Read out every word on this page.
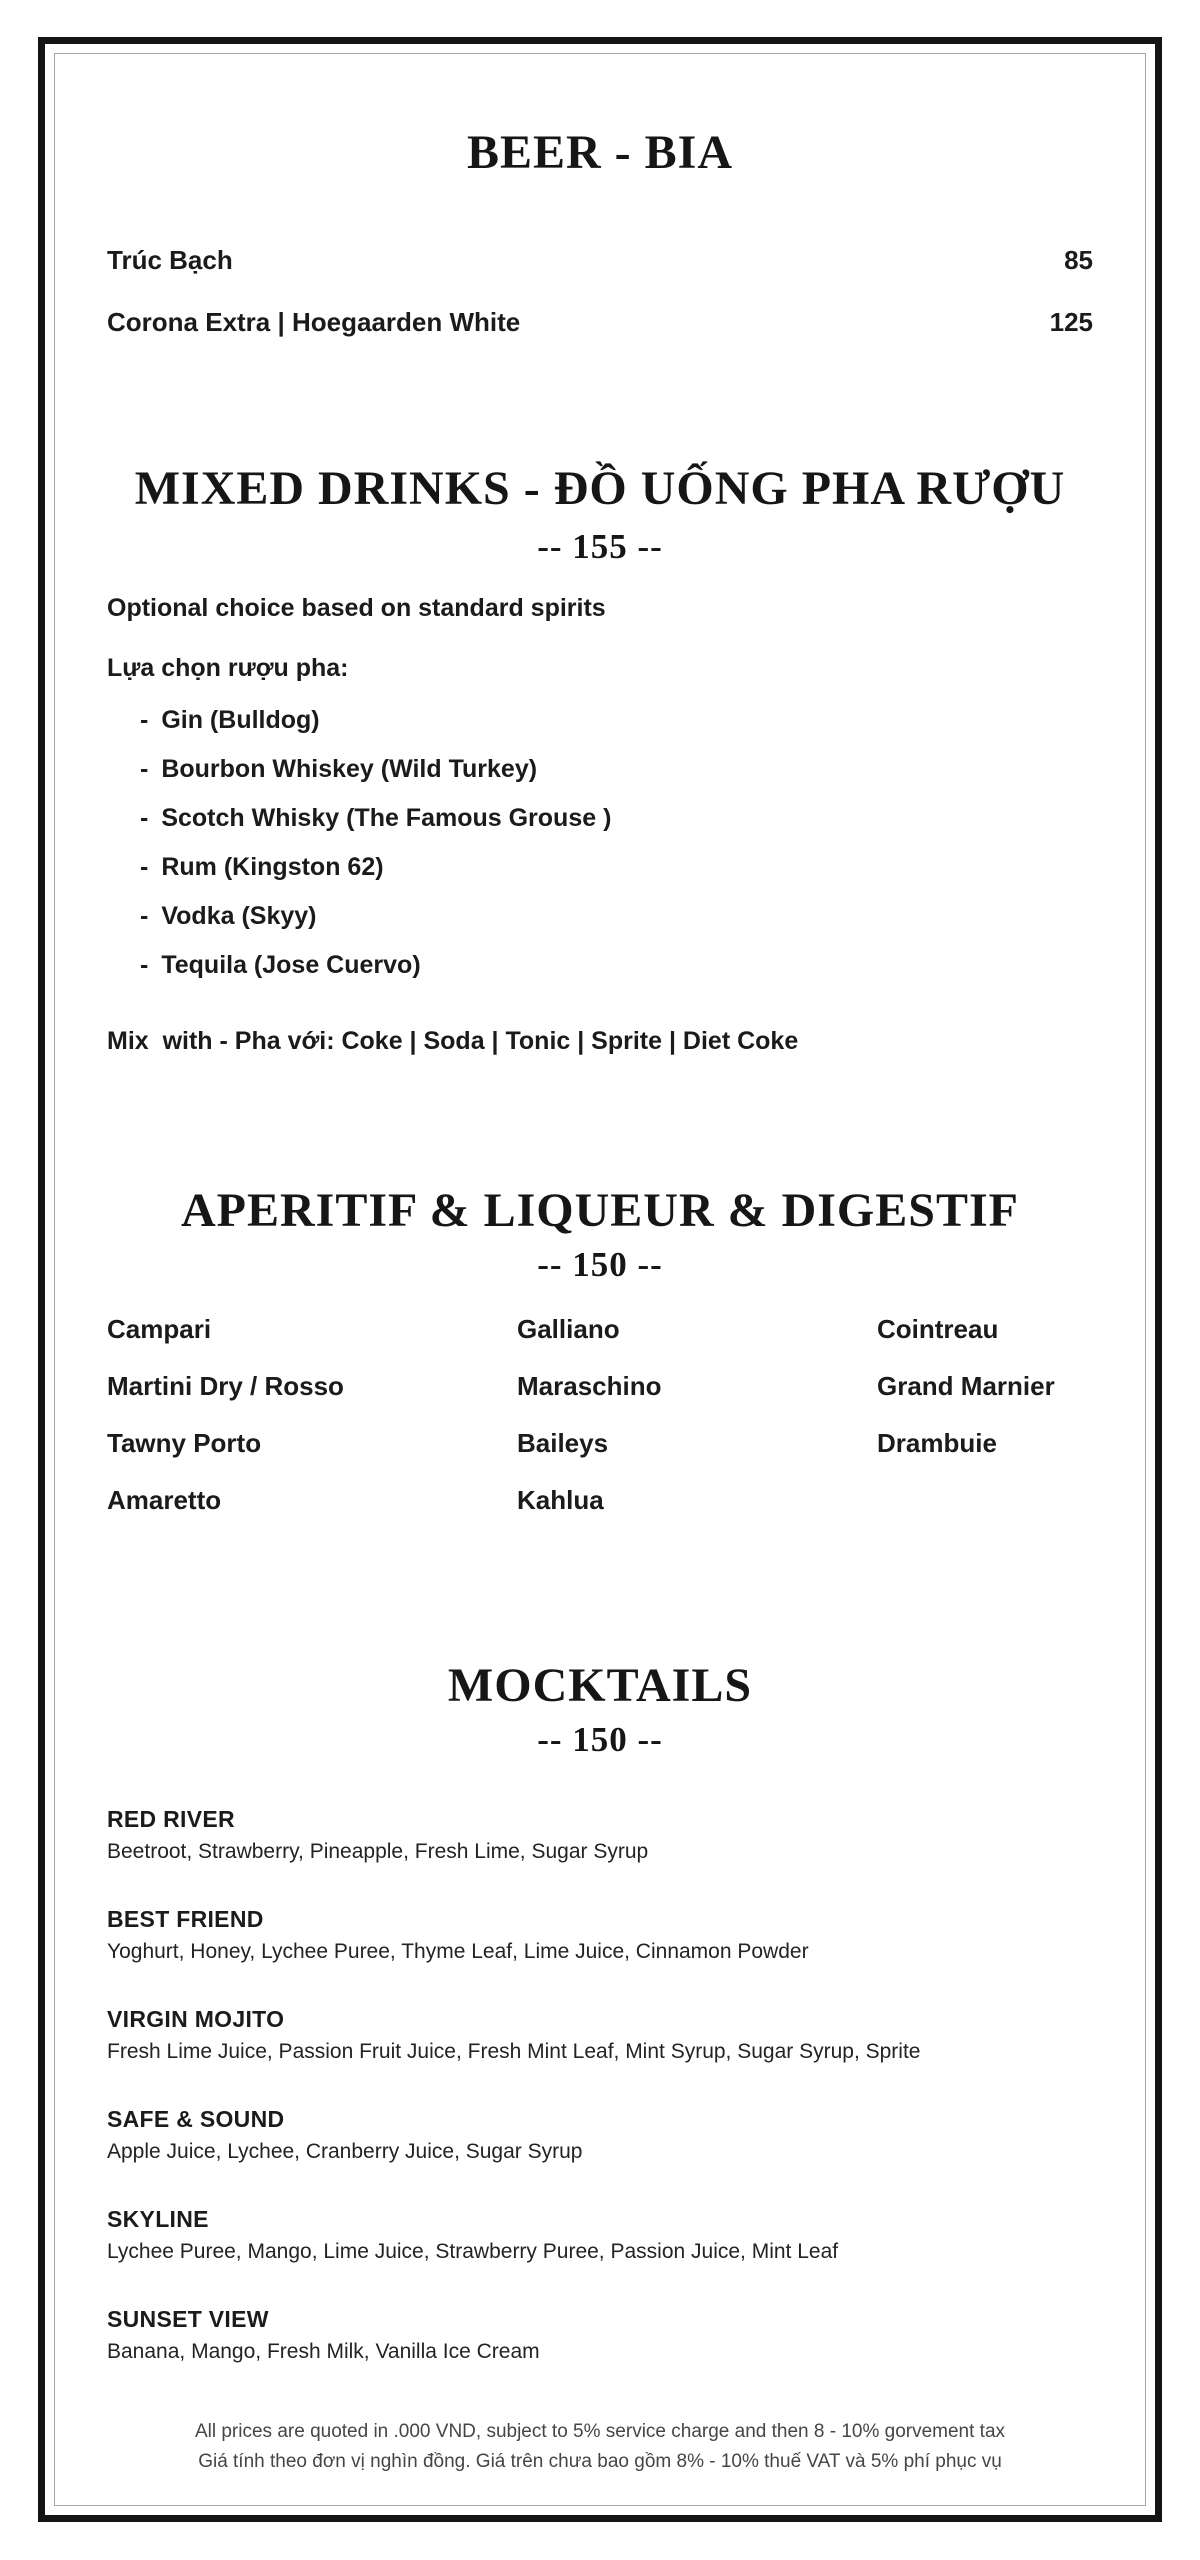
BEER - BIA
Trúc Bạch	85
Corona Extra | Hoegaarden White	125
MIXED DRINKS - ĐỒ UỐNG PHA RƯỢU
-- 155 --
Optional choice based on standard spirits
Lựa chọn rượu pha:
- Gin (Bulldog)
- Bourbon Whiskey (Wild Turkey)
- Scotch Whisky (The Famous Grouse )
- Rum (Kingston 62)
- Vodka (Skyy)
- Tequila (Jose Cuervo)
Mix  with - Pha với: Coke | Soda | Tonic | Sprite | Diet Coke
APERITIF & LIQUEUR & DIGESTIF
-- 150 --
Campari
Martini Dry / Rosso
Tawny Porto
Amaretto
Galliano
Maraschino
Baileys
Kahlua
Cointreau
Grand Marnier
Drambuie
MOCKTAILS
-- 150 --
RED RIVER
Beetroot, Strawberry, Pineapple, Fresh Lime, Sugar Syrup
BEST FRIEND
Yoghurt, Honey, Lychee Puree, Thyme Leaf, Lime Juice, Cinnamon Powder
VIRGIN MOJITO
Fresh Lime Juice, Passion Fruit Juice, Fresh Mint Leaf, Mint Syrup, Sugar Syrup, Sprite
SAFE & SOUND
Apple Juice, Lychee, Cranberry Juice, Sugar Syrup
SKYLINE
Lychee Puree, Mango, Lime Juice, Strawberry Puree, Passion Juice, Mint Leaf
SUNSET VIEW
Banana, Mango, Fresh Milk, Vanilla Ice Cream
All prices are quoted in .000 VND, subject to 5% service charge and then 8 - 10% gorvement tax
Giá tính theo đơn vị nghìn đồng. Giá trên chưa bao gồm 8% - 10% thuế VAT và 5% phí phục vụ
